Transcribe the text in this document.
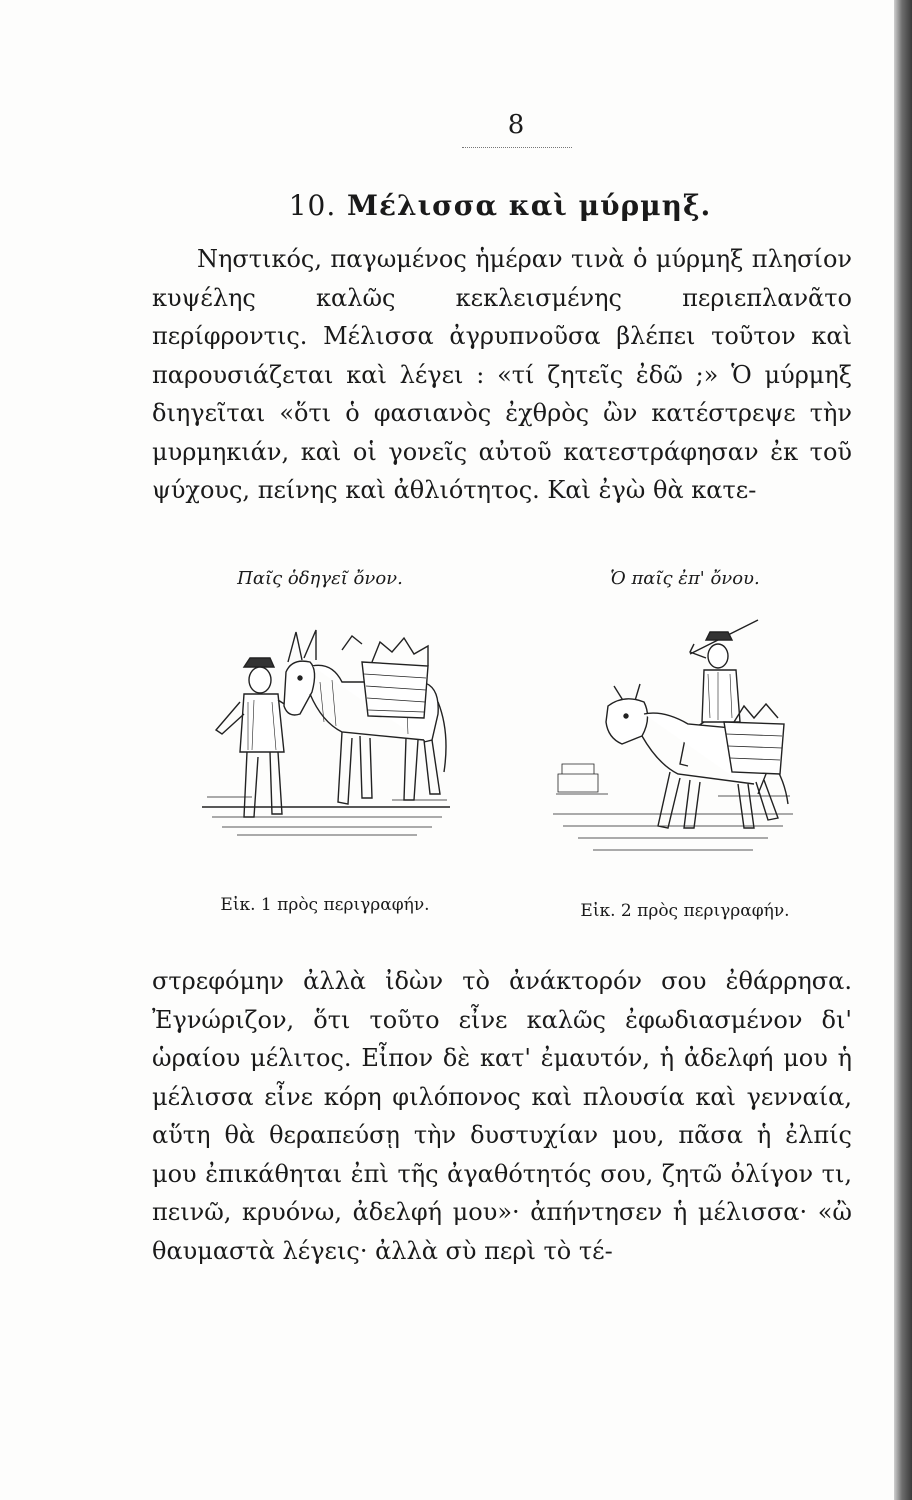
8
10. Μέλισσα καὶ μύρμηξ.
Νηστικός, παγωμένος ἡμέραν τινὰ ὁ μύρμηξ πλησίον κυψέλης καλῶς κεκλεισμένης περιεπλανᾶτο περίφροντις. Μέλισσα ἀγρυπνοῦσα βλέπει τοῦτον καὶ παρουσιάζεται καὶ λέγει : «τί ζητεῖς ἐδῶ ;» Ὁ μύρμηξ διηγεῖται «ὅτι ὁ φασιανὸς ἐχθρὸς ὢν κατέστρεψε τὴν μυρμηκιάν, καὶ οἱ γονεῖς αὐτοῦ κατεστράφησαν ἐκ τοῦ ψύχους, πείνης καὶ ἀθλιότητος. Καὶ ἐγὼ θὰ κατε-
Παῖς ὁδηγεῖ ὄνον.	Ὁ παῖς ἐπ' ὄνου.
Εἰκ. 1 πρὸς περιγραφήν.	Εἰκ. 2 πρὸς περιγραφήν.
στρεφόμην ἀλλὰ ἰδὼν τὸ ἀνάκτορόν σου ἐθάρρησα. Ἐγνώριζον, ὅτι τοῦτο εἶνε καλῶς ἐφωδιασμένον δι' ὡραίου μέλιτος. Εἶπον δὲ κατ' ἐμαυτόν, ἡ ἀδελφή μου ἡ μέλισσα εἶνε κόρη φιλόπονος καὶ πλουσία καὶ γενναία, αὕτη θὰ θεραπεύσῃ τὴν δυστυχίαν μου, πᾶσα ἡ ἐλπίς μου ἐπικάθηται ἐπὶ τῆς ἀγαθότητός σου, ζητῶ ὀλίγον τι, πεινῶ, κρυόνω, ἀδελφή μου»· ἀπήντησεν ἡ μέλισσα· «ὢ θαυμαστὰ λέγεις· ἀλλὰ σὺ περὶ τὸ τέ-
